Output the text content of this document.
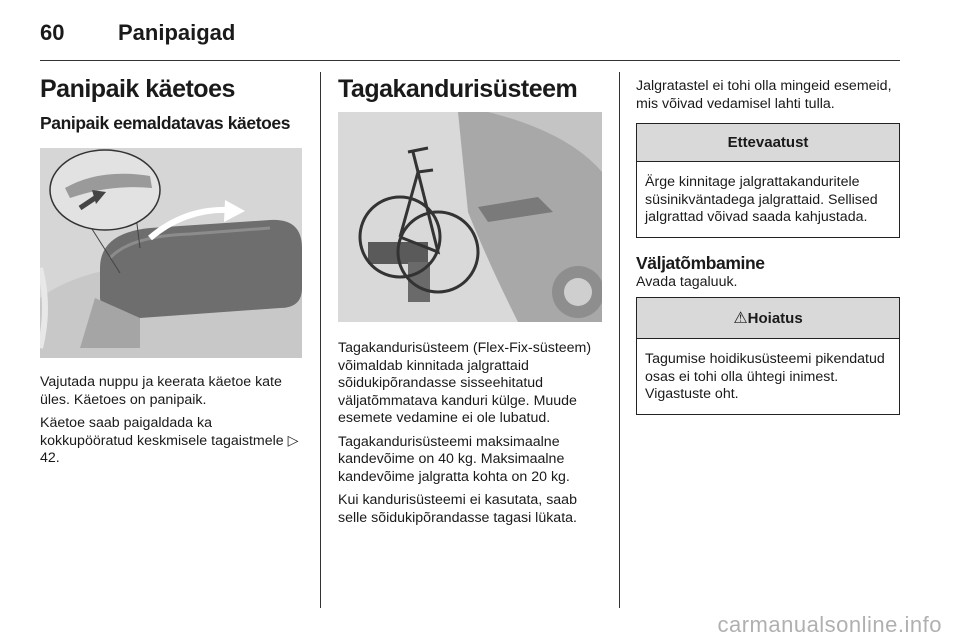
60 Panipaigad
Panipaik käetoes
Panipaik eemaldatavas käetoes

Vajutada nuppu ja keerata käetoe kate üles. Käetoes on panipaik.

Käetoe saab paigaldada ka kokkupööratud keskmisele tagaistmele ▷ 42.

Tagakandurisüsteem

Tagakandurisüsteem (Flex-Fix-süsteem) võimaldab kinnitada jalgrattaid sõidukipõrandasse sisseehitatud väljatõmmatava kanduri külge. Muude esemete vedamine ei ole lubatud.

Tagakandurisüsteemi maksimaalne kandevõime on 40 kg. Maksimaalne kandevõime jalgratta kohta on 20 kg.

Kui kandurisüsteemi ei kasutata, saab selle sõidukipõrandasse tagasi lükata.

Jalgratastel ei tohi olla mingeid esemeid, mis võivad vedamisel lahti tulla.

Ettevaatust
Ärge kinnitage jalgrattakanduritele süsinikväntadega jalgrattaid. Sellised jalgrattad võivad saada kahjustada.
Väljatõmbamine

Avada tagaluuk.

⚠Hoiatus
Tagumise hoidikusüsteemi pikendatud osas ei tohi olla ühtegi inimest. Vigastuste oht.
carmanualsonline.info
